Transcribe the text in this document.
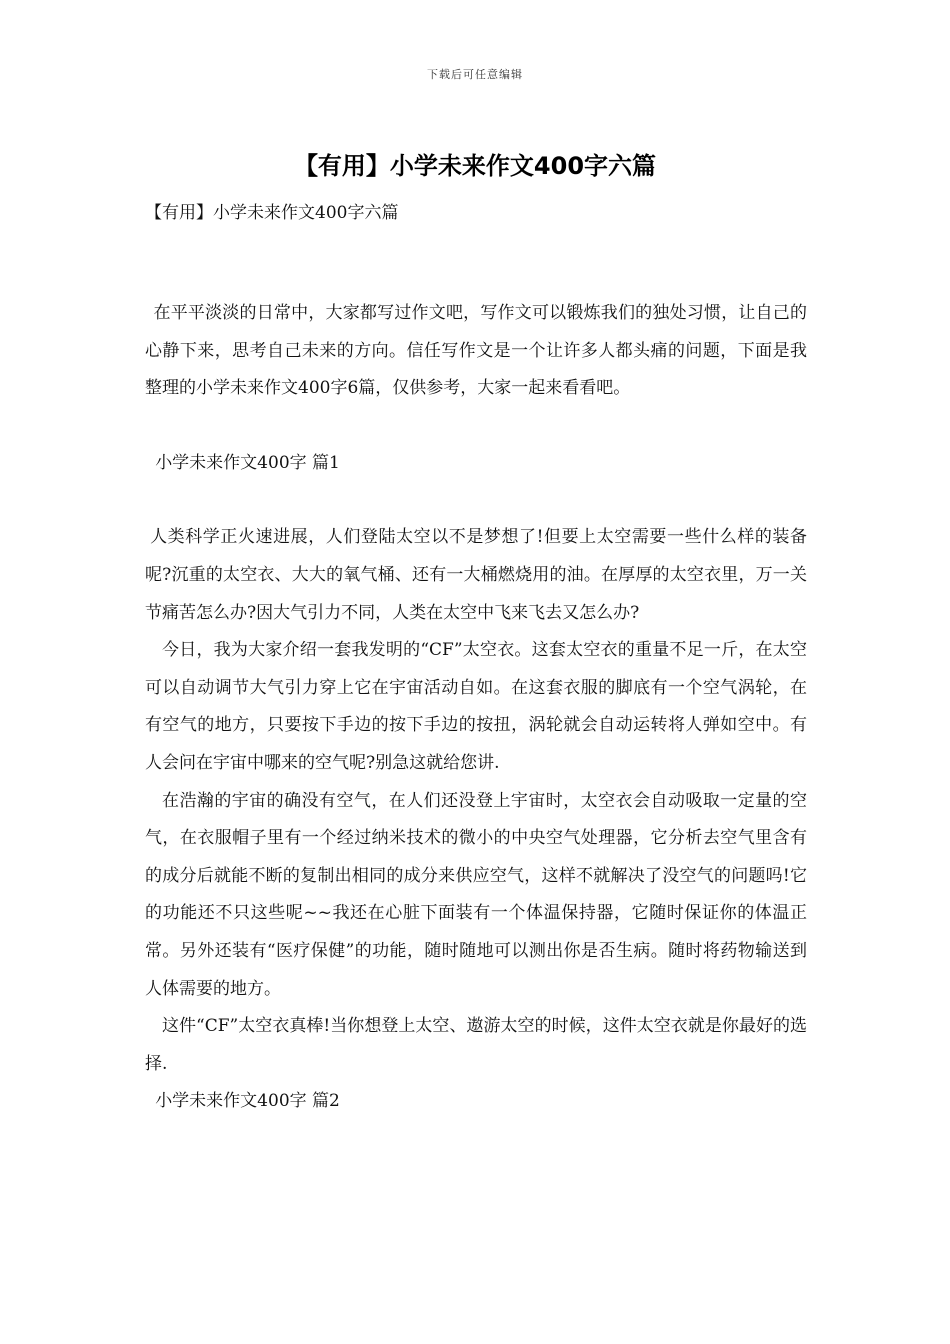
下载后可任意编辑
【有用】小学未来作文400字六篇
【有用】小学未来作文400字六篇

在平平淡淡的日常中，大家都写过作文吧，写作文可以锻炼我们的独处习惯，让自己的心静下来，思考自己未来的方向。信任写作文是一个让许多人都头痛的问题，下面是我整理的小学未来作文400字6篇，仅供参考，大家一起来看看吧。

小学未来作文400字 篇1

人类科学正火速进展，人们登陆太空以不是梦想了!但要上太空需要一些什么样的装备呢?沉重的太空衣、大大的氧气桶、还有一大桶燃烧用的油。在厚厚的太空衣里，万一关节痛苦怎么办?因大气引力不同，人类在太空中飞来飞去又怎么办?

今日，我为大家介绍一套我发明的“CF”太空衣。这套太空衣的重量不足一斤，在太空可以自动调节大气引力穿上它在宇宙活动自如。在这套衣服的脚底有一个空气涡轮，在有空气的地方，只要按下手边的按下手边的按扭，涡轮就会自动运转将人弹如空中。有人会问在宇宙中哪来的空气呢?别急这就给您讲.

在浩瀚的宇宙的确没有空气，在人们还没登上宇宙时，太空衣会自动吸取一定量的空气，在衣服帽子里有一个经过纳米技术的微小的中央空气处理器，它分析去空气里含有的成分后就能不断的复制出相同的成分来供应空气，这样不就解决了没空气的问题吗!它的功能还不只这些呢~~我还在心脏下面装有一个体温保持器，它随时保证你的体温正常。另外还装有“医疗保健”的功能，随时随地可以测出你是否生病。随时将药物输送到人体需要的地方。

这件“CF”太空衣真棒!当你想登上太空、遨游太空的时候，这件太空衣就是你最好的选择.

小学未来作文400字 篇2
